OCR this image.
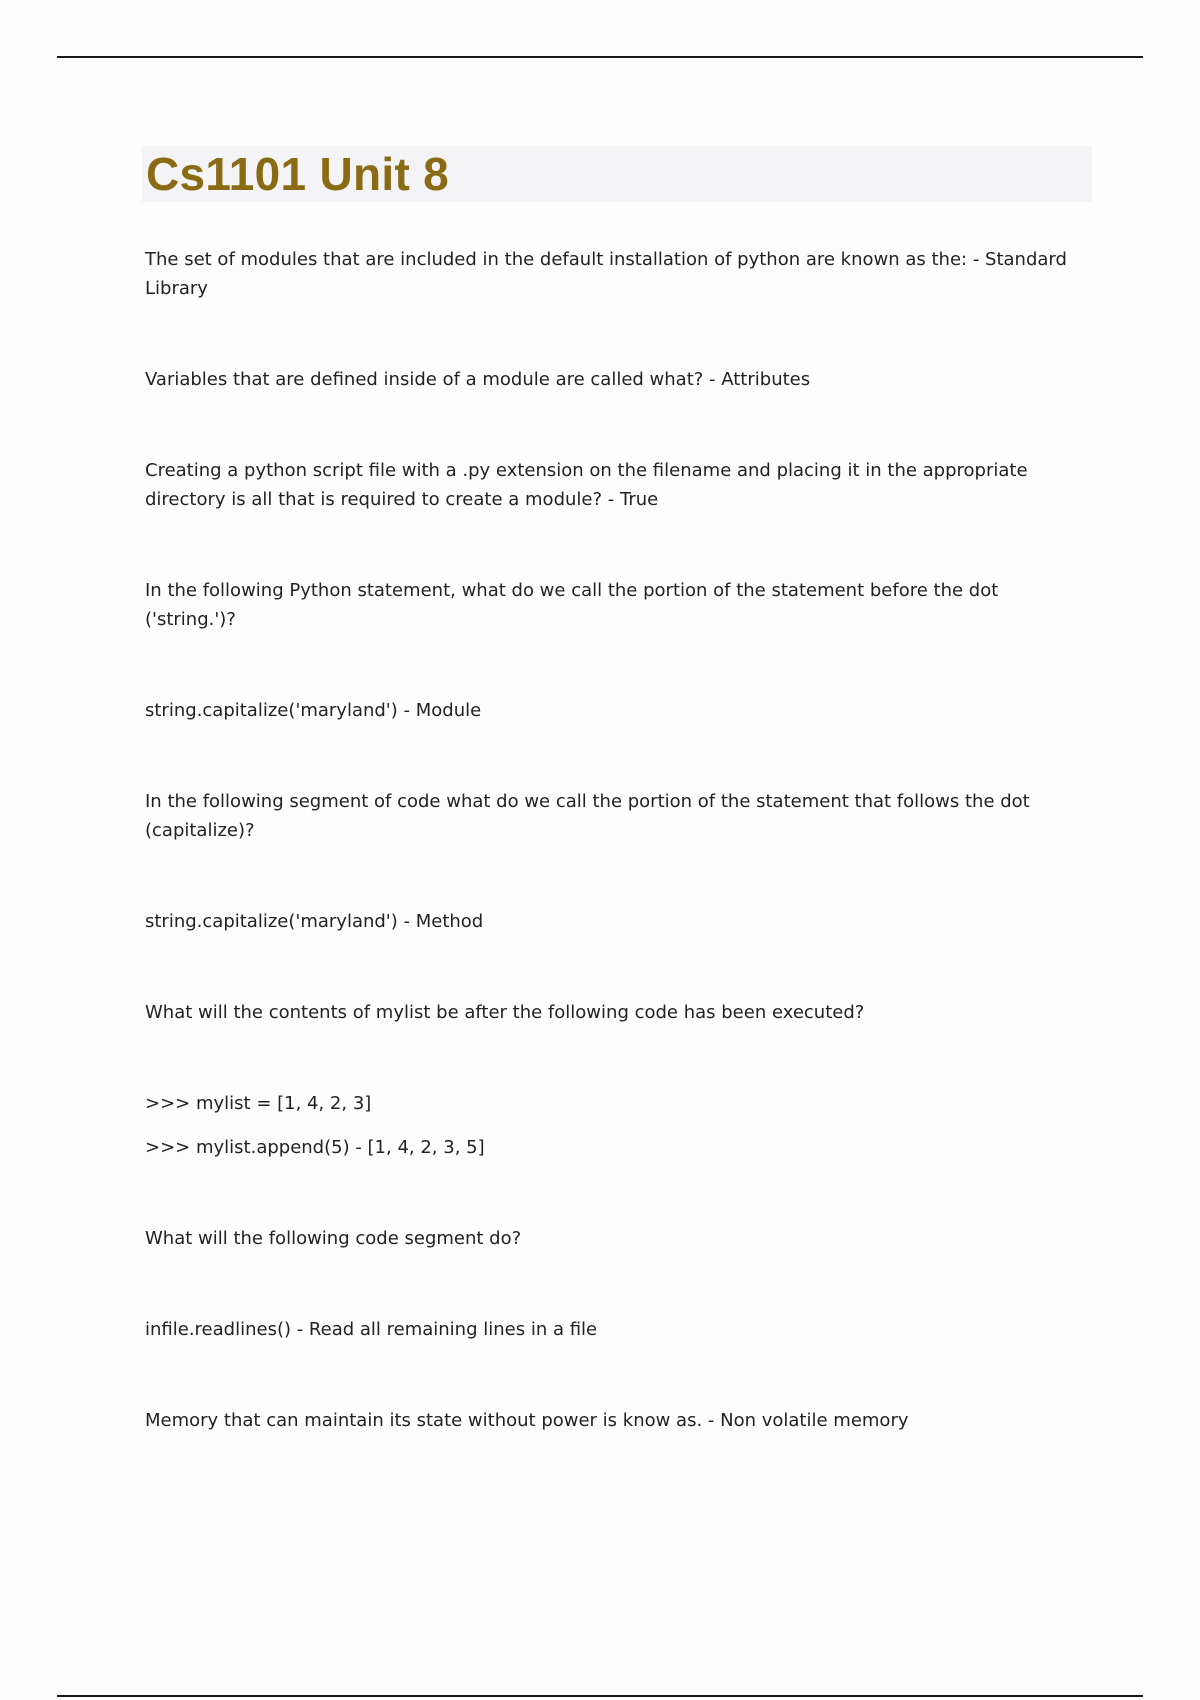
Cs1101 Unit 8

The set of modules that are included in the default installation of python are known as the: - Standard Library

Variables that are defined inside of a module are called what? - Attributes

Creating a python script file with a .py extension on the filename and placing it in the appropriate directory is all that is required to create a module? - True

In the following Python statement, what do we call the portion of the statement before the dot ('string.')?

string.capitalize('maryland') - Module

In the following segment of code what do we call the portion of the statement that follows the dot (capitalize)?

string.capitalize('maryland') - Method

What will the contents of mylist be after the following code has been executed?

>>> mylist = [1, 4, 2, 3]

>>> mylist.append(5) - [1, 4, 2, 3, 5]

What will the following code segment do?

infile.readlines() - Read all remaining lines in a file

Memory that can maintain its state without power is know as. - Non volatile memory
